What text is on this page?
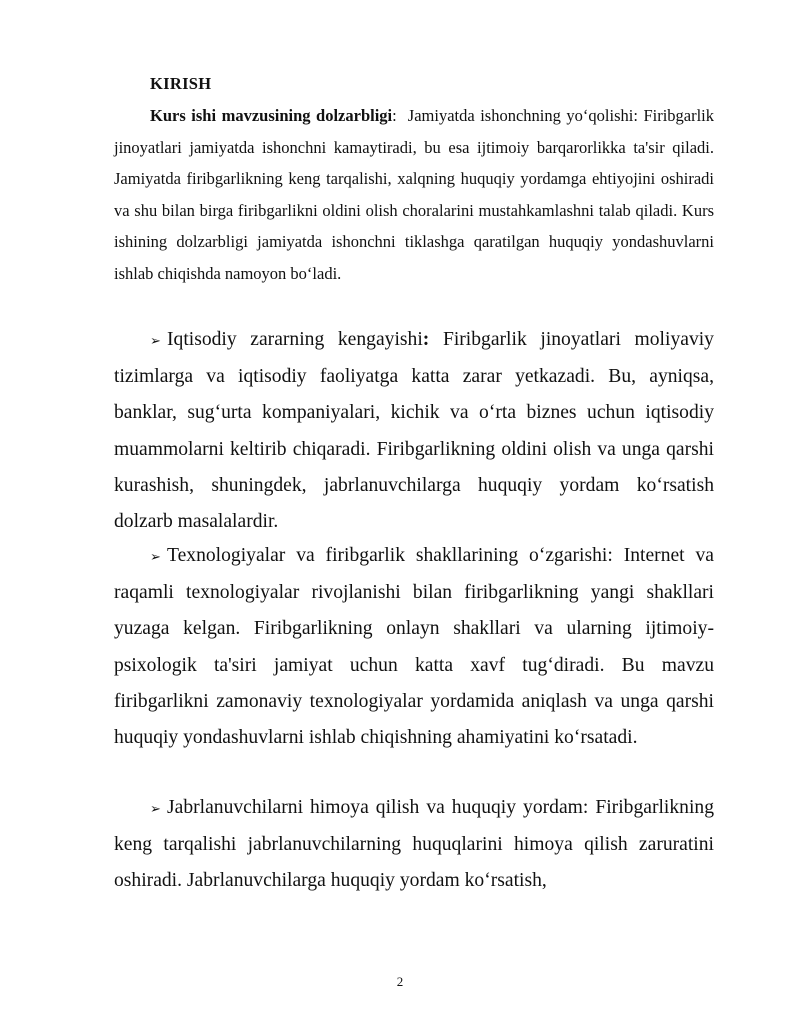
KIRISH

Kurs ishi mavzusining dolzarbligi: Jamiyatda ishonchning yo‘qolishi: Firibgarlik jinoyatlari jamiyatda ishonchni kamaytiradi, bu esa ijtimoiy barqarorlikka ta'sir qiladi. Jamiyatda firibgarlikning keng tarqalishi, xalqning huquqiy yordamga ehtiyojini oshiradi va shu bilan birga firibgarlikni oldini olish choralarini mustahkamlashni talab qiladi. Kurs ishining dolzarbligi jamiyatda ishonchni tiklashga qaratilgan huquqiy yondashuvlarni ishlab chiqishda namoyon bo‘ladi.

➢ Iqtisodiy zararning kengayishi: Firibgarlik jinoyatlari moliyaviy tizimlarga va iqtisodiy faoliyatga katta zarar yetkazadi. Bu, ayniqsa, banklar, sug‘urta kompaniyalari, kichik va o‘rta biznes uchun iqtisodiy muammolarni keltirib chiqaradi. Firibgarlikning oldini olish va unga qarshi kurashish, shuningdek, jabrlanuvchilarga huquqiy yordam ko‘rsatish dolzarb masalalardir.

➢ Texnologiyalar va firibgarlik shakllarining o‘zgarishi: Internet va raqamli texnologiyalar rivojlanishi bilan firibgarlikning yangi shakllari yuzaga kelgan. Firibgarlikning onlayn shakllari va ularning ijtimoiy-psixologik ta'siri jamiyat uchun katta xavf tug‘diradi. Bu mavzu firibgarlikni zamonaviy texnologiyalar yordamida aniqlash va unga qarshi huquqiy yondashuvlarni ishlab chiqishning ahamiyatini ko‘rsatadi.

➢ Jabrlanuvchilarni himoya qilish va huquqiy yordam: Firibgarlikning keng tarqalishi jabrlanuvchilarning huquqlarini himoya qilish zaruratini oshiradi. Jabrlanuvchilarga huquqiy yordam ko‘rsatish,

2
